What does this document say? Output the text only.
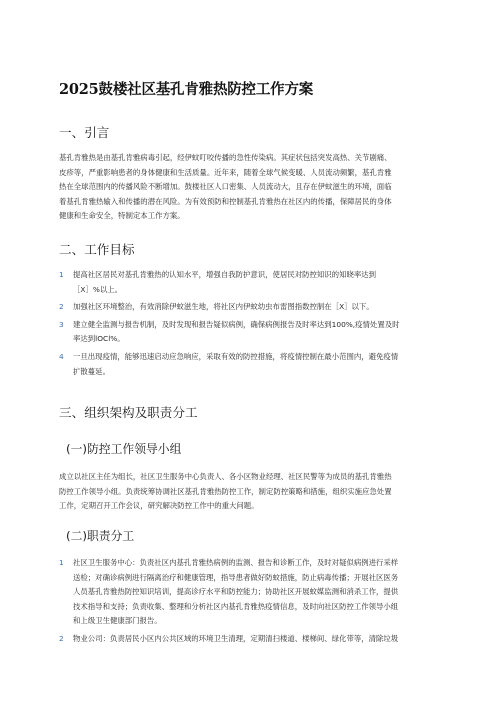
2025鼓楼社区基孔肯雅热防控工作方案
一、引言
基孔肯雅热是由基孔肯雅病毒引起，经伊蚊叮咬传播的急性传染病。其症状包括突发高热、关节剧痛、
皮疹等，严重影响患者的身体健康和生活质量。近年来，随着全球气候变暖、人员流动频繁，基孔肯雅
热在全球范围内的传播风险不断增加。鼓楼社区人口密集、人员流动大，且存在伊蚊滋生的环境，面临
着基孔肯雅热输入和传播的潜在风险。为有效预防和控制基孔肯雅热在社区内的传播，保障居民的身体
健康和生命安全，特制定本工作方案。
二、工作目标
1 提高社区居民对基孔肯雅热的认知水平，增强自我防护意识，使居民对防控知识的知晓率达到
［X］%以上。
2 加强社区环境整治，有效消除伊蚊滋生地，将社区内伊蚊幼虫布雷图指数控制在［X］以下。
3 建立健全监测与报告机制，及时发现和报告疑似病例，确保病例报告及时率达到100%,疫情处置及时
率达到lOCl%。
4 一旦出现疫情，能够迅速启动应急响应，采取有效的防控措施，将疫情控制在最小范围内，避免疫情
扩散蔓延。
三、组织架构及职责分工
(一)防控工作领导小组
成立以社区主任为组长，社区卫生服务中心负责人、各小区物业经理、社区民警等为成员的基孔肯雅热
防控工作领导小组。负责统筹协调社区基孔肯雅热防控工作，制定防控策略和措施，组织实施应急处置
工作，定期召开工作会议，研究解决防控工作中的重大问题。
(二)职责分工
1 社区卫生服务中心：负责社区内基孔肯雅热病例的监测、报告和诊断工作，及时对疑似病例进行采样
送检；对确诊病例进行隔离治疗和健康管理，指导患者做好防蚊措施，防止病毒传播；开展社区医务
人员基孔肯雅热防控知识培训，提高诊疗水平和防控能力；协助社区开展蚊媒监测和消杀工作，提供
技术指导和支持；负责收集、整理和分析社区内基孔肯雅热疫情信息，及时向社区防控工作领导小组
和上级卫生健康部门报告。
2 物业公司：负责居民小区内公共区域的环境卫生清理，定期清扫楼道、楼梯间、绿化带等，清除垃圾
